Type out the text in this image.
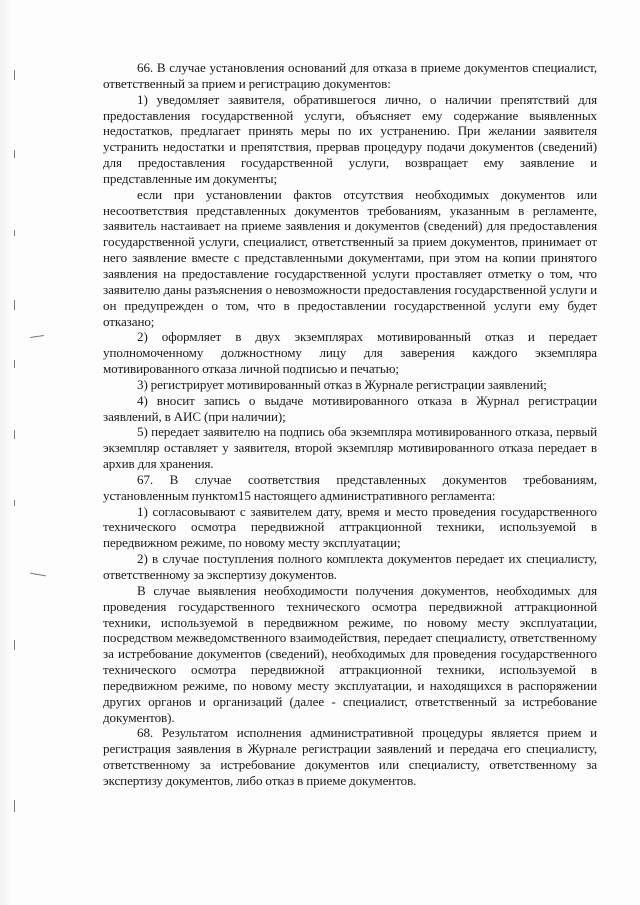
66. В случае установления оснований для отказа в приеме документов специалист, ответственный за прием и регистрацию документов:

1) уведомляет заявителя, обратившегося лично, о наличии препятствий для предоставления государственной услуги, объясняет ему содержание выявленных недостатков, предлагает принять меры по их устранению. При желании заявителя устранить недостатки и препятствия, прервав процедуру подачи документов (сведений) для предоставления государственной услуги, возвращает ему заявление и представленные им документы;

если при установлении фактов отсутствия необходимых документов или несоответствия представленных документов требованиям, указанным в регламенте, заявитель настаивает на приеме заявления и документов (сведений) для предоставления государственной услуги, специалист, ответственный за прием документов, принимает от него заявление вместе с представленными документами, при этом на копии принятого заявления на предоставление государственной услуги проставляет отметку о том, что заявителю даны разъяснения о невозможности предоставления государственной услуги и он предупрежден о том, что в предоставлении государственной услуги ему будет отказано;

2) оформляет в двух экземплярах мотивированный отказ и передает уполномоченному должностному лицу для заверения каждого экземпляра мотивированного отказа личной подписью и печатью;

3) регистрирует мотивированный отказ в Журнале регистрации заявлений;

4) вносит запись о выдаче мотивированного отказа в Журнал регистрации заявлений, в АИС (при наличии);

5) передает заявителю на подпись оба экземпляра мотивированного отказа, первый экземпляр оставляет у заявителя, второй экземпляр мотивированного отказа передает в архив для хранения.

67. В случае соответствия представленных документов требованиям, установленным пунктом15 настоящего административного регламента:

1) согласовывают с заявителем дату, время и место проведения государственного технического осмотра передвижной аттракционной техники, используемой в передвижном режиме, по новому месту эксплуатации;

2) в случае поступления полного комплекта документов передает их специалисту, ответственному за экспертизу документов.

В случае выявления необходимости получения документов, необходимых для проведения государственного технического осмотра передвижной аттракционной техники, используемой в передвижном режиме, по новому месту эксплуатации, посредством межведомственного взаимодействия, передает специалисту, ответственному за истребование документов (сведений), необходимых для проведения государственного технического осмотра передвижной аттракционной техники, используемой в передвижном режиме, по новому месту эксплуатации, и находящихся в распоряжении других органов и организаций (далее - специалист, ответственный за истребование документов).

68. Результатом исполнения административной процедуры является прием и регистрация заявления в Журнале регистрации заявлений и передача его специалисту, ответственному за истребование документов или специалисту, ответственному за экспертизу документов, либо отказ в приеме документов.
